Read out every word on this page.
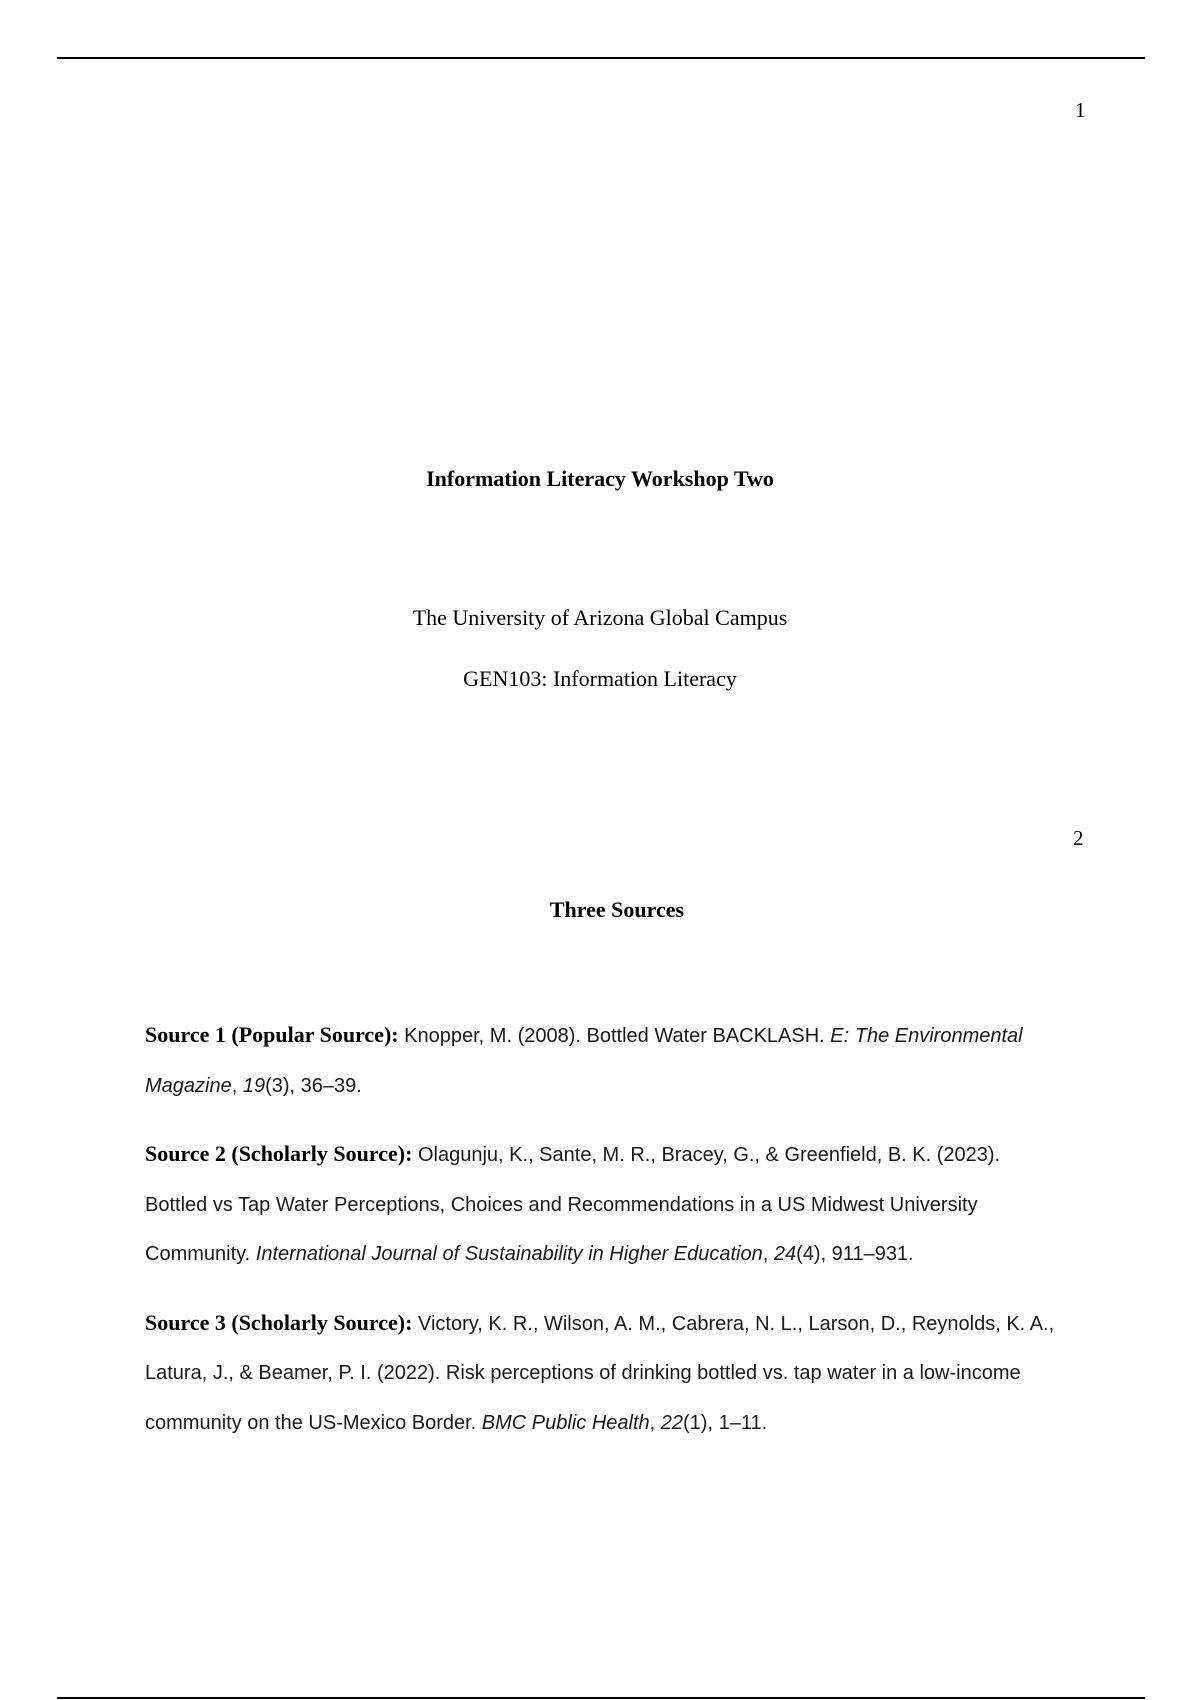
1
Information Literacy Workshop Two
The University of Arizona Global Campus
GEN103: Information Literacy
2
Three Sources

Source 1 (Popular Source): Knopper, M. (2008). Bottled Water BACKLASH. E: The Environmental Magazine, 19(3), 36–39.

Source 2 (Scholarly Source): Olagunju, K., Sante, M. R., Bracey, G., & Greenfield, B. K. (2023). Bottled vs Tap Water Perceptions, Choices and Recommendations in a US Midwest University Community. International Journal of Sustainability in Higher Education, 24(4), 911–931.

Source 3 (Scholarly Source): Victory, K. R., Wilson, A. M., Cabrera, N. L., Larson, D., Reynolds, K. A., Latura, J., & Beamer, P. I. (2022). Risk perceptions of drinking bottled vs. tap water in a low-income community on the US-Mexico Border. BMC Public Health, 22(1), 1–11.
